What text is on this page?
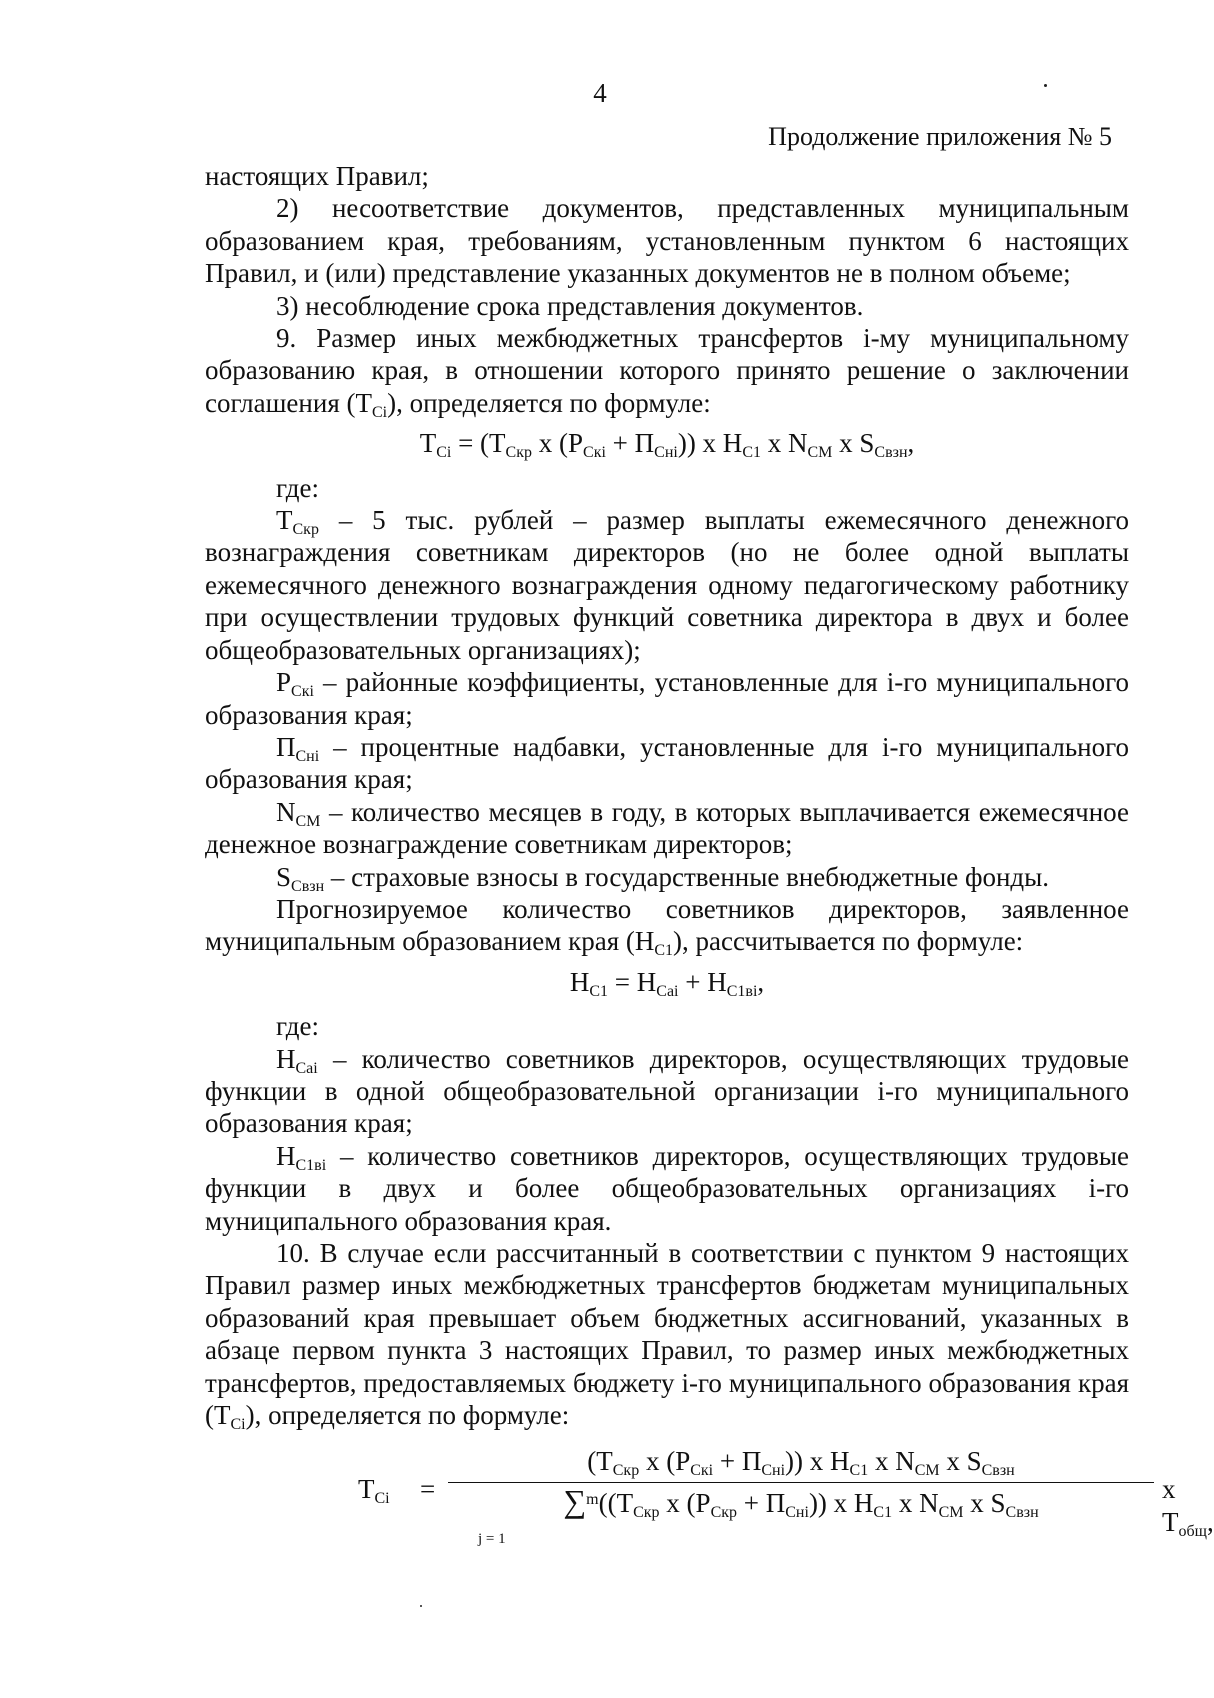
4
Продолжение приложения № 5

настоящих Правил;

2) несоответствие документов, представленных муниципальным образованием края, требованиям, установленным пунктом 6 настоящих Правил, и (или) представление указанных документов не в полном объеме;

3) несоблюдение срока представления документов.

9. Размер иных межбюджетных трансфертов i-му муниципальному образованию края, в отношении которого принято решение о заключении соглашения $(T_{Ci})$, определяется по формуле:

$T_{Ci} = (T_{Скр}$ x $(P_{Cкi} + П_{Cнi})$) x $H_{C1}$ x $N_{CМ}$ x $S_{Cвзн}$,

где:

$T_{Скр} - 5$ тыс. рублей – размер выплаты ежемесячного денежного вознаграждения советникам директоров (но не более одной выплаты ежемесячного денежного вознаграждения одному педагогическому работнику при осуществлении трудовых функций советника директора в двух и более общеобразовательных организациях);

$P_{Cкi}$ – районные коэффициенты, установленные для i-го муниципального образования края;

$П_{Cнi}$ – процентные надбавки, установленные для i-го муниципального образования края;

$N_{CМ}$ – количество месяцев в году, в которых выплачивается ежемесячное денежное вознаграждение советникам директоров;

$S_{Cвзн}$ – страховые взносы в государственные внебюджетные фонды.

Прогнозируемое количество советников директоров, заявленное муниципальным образованием края $(H_{C1})$, рассчитывается по формуле:

$H_{C1} = H_{Cаi} + H_{C1вi}$,

где:

$H_{Cаi}$ – количество советников директоров, осуществляющих трудовые функции в одной общеобразовательной организации i-го муниципального образования края;

$H_{C1вi}$ – количество советников директоров, осуществляющих трудовые функции в двух и более общеобразовательных организациях i-го муниципального образования края.

10. В случае если рассчитанный в соответствии с пунктом 9 настоящих Правил размер иных межбюджетных трансфертов бюджетам муниципальных образований края превышает объем бюджетных ассигнований, указанных в абзаце первом пункта 3 настоящих Правил, то размер иных межбюджетных трансфертов, предоставляемых бюджету i-го муниципального образования края $(T_{Ci})$, определяется по формуле:

$T_{Ci}$ =
($T_{Скр}$ x $(P_{Cкi} + П_{Cнi})$) x $H_{C1}$ x $N_{CМ}$ x $S_{Cвзн}$
$\sum^m((T_{Скр}$ x $(P_{Cкр} + П_{Cнi})$) x $H_{C1}$ x $N_{CМ}$ x $S_{Cвзн}$
j = 1
x $T_{общ}$,
